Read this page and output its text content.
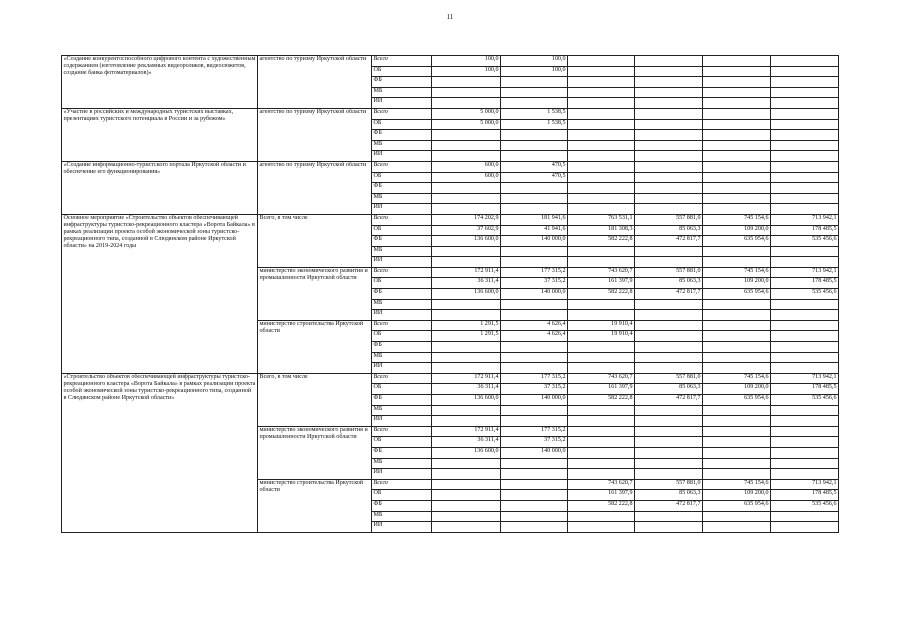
11
«Создание конкурентоспособного цифрового контента с художественным содержанием (изготовление рекламных видеороликов, видеосюжетов, создание банка фотоматериалов)»	агентство по туризму Иркутской области	Всего	100,0	100,0				
		ОБ	100,0	100,0				
		ФБ						
		МБ						
		ИИ						
«Участие в российских и международных туристских выставках, презентациях туристского потенциала в России и за рубежом»	агентство по туризму Иркутской области	Всего	5 000,0	1 538,5				
		ОБ	5 000,0	1 538,5				
		ФБ						
		МБ						
		ИИ						
«Создание информационно-туристского портала Иркутской области и обеспечение его функционирования»	агентство по туризму Иркутской области	Всего	600,0	470,5				
		ОБ	600,0	470,5				
		ФБ						
		МБ						
		ИИ						
Основное мероприятие «Строительство объектов обеспечивающей инфраструктуры туристско-рекреационного кластера «Ворота Байкала» в рамках реализации проекта особой экономической зоны туристско-рекреационного типа, созданной в Слюдянском районе Иркутской области» на 2019-2024 годы	Всего, в том числе	Всего	174 202,9	181 941,6	763 531,1	557 881,0	745 154,6	713 942,1
		ОБ	37 602,9	41 941,6	181 308,3	85 063,3	109 200,0	178 485,5
		ФБ	136 600,0	140 000,0	582 222,8	472 817,7	635 954,6	535 456,6
		МБ						
		ИИ						
	министерство экономического развития и промышленности Иркутской области	Всего	172 911,4	177 315,2	743 620,7	557 881,0	745 154,6	713 942,1
		ОБ	36 311,4	37 315,2	161 397,9	85 063,3	109 200,0	178 485,5
		ФБ	136 600,0	140 000,0	582 222,8	472 817,7	635 954,6	535 456,6
		МБ						
		ИИ						
	министерство строительства Иркутской области	Всего	1 291,5	4 626,4	19 910,4			
		ОБ	1 291,5	4 626,4	19 910,4			
		ФБ						
		МБ						
		ИИ						
«Строительство объектов обеспечивающей инфраструктуры туристско-рекреационного кластера «Ворота Байкала» в рамках реализации проекта особой экономической зоны туристско-рекреационного типа, созданной в Слюдянском районе Иркутской области»	Всего, в том числе	Всего	172 911,4	177 315,2	743 620,7	557 881,0	745 154,6	713 942,1
		ОБ	36 311,4	37 315,2	161 397,9	85 063,3	109 200,0	178 485,5
		ФБ	136 600,0	140 000,0	582 222,8	472 817,7	635 954,6	535 456,6
		МБ						
		ИИ						
	министерство экономического развития и промышленности Иркутской области	Всего	172 911,4	177 315,2				
		ОБ	36 311,4	37 315,2				
		ФБ	136 600,0	140 000,0				
		МБ						
		ИИ						
	министерство строительства Иркутской области	Всего			743 620,7	557 881,0	745 154,6	713 942,1
		ОБ			161 397,9	85 063,3	109 200,0	178 485,5
		ФБ			582 222,8	472 817,7	635 954,6	535 456,6
		МБ						
		ИИ						
